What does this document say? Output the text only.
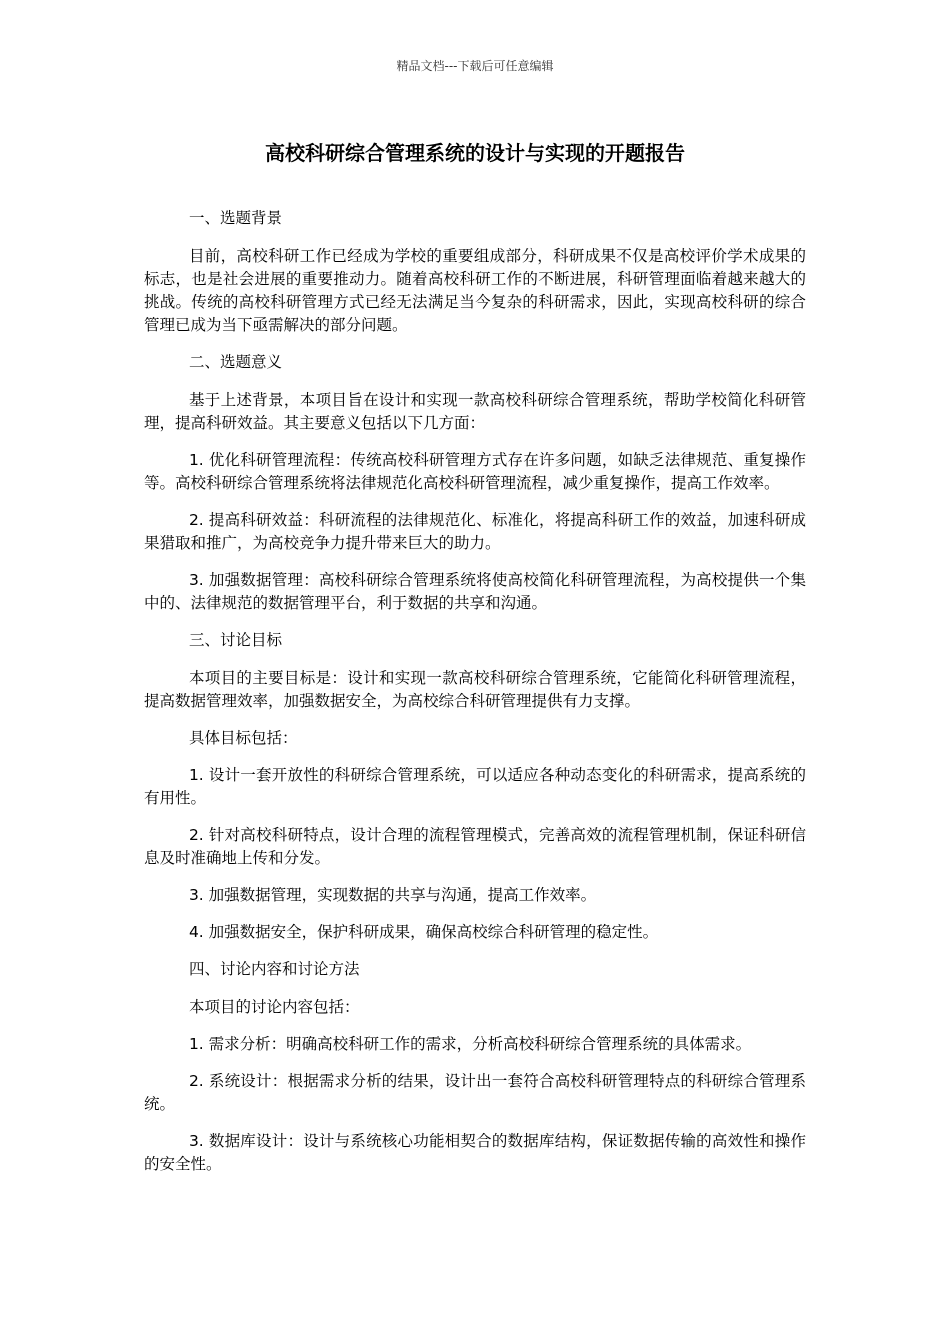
精品文档---下载后可任意编辑
高校科研综合管理系统的设计与实现的开题报告

一、选题背景

目前，高校科研工作已经成为学校的重要组成部分，科研成果不仅是高校评价学术成果的标志，也是社会进展的重要推动力。随着高校科研工作的不断进展，科研管理面临着越来越大的挑战。传统的高校科研管理方式已经无法满足当今复杂的科研需求，因此，实现高校科研的综合管理已成为当下亟需解决的部分问题。

二、选题意义

基于上述背景，本项目旨在设计和实现一款高校科研综合管理系统，帮助学校简化科研管理，提高科研效益。其主要意义包括以下几方面：

1. 优化科研管理流程：传统高校科研管理方式存在许多问题，如缺乏法律规范、重复操作等。高校科研综合管理系统将法律规范化高校科研管理流程，减少重复操作，提高工作效率。

2. 提高科研效益：科研流程的法律规范化、标准化，将提高科研工作的效益，加速科研成果猎取和推广，为高校竞争力提升带来巨大的助力。

3. 加强数据管理：高校科研综合管理系统将使高校简化科研管理流程，为高校提供一个集中的、法律规范的数据管理平台，利于数据的共享和沟通。

三、讨论目标

本项目的主要目标是：设计和实现一款高校科研综合管理系统，它能简化科研管理流程，提高数据管理效率，加强数据安全，为高校综合科研管理提供有力支撑。

具体目标包括：

1. 设计一套开放性的科研综合管理系统，可以适应各种动态变化的科研需求，提高系统的有用性。

2. 针对高校科研特点，设计合理的流程管理模式，完善高效的流程管理机制，保证科研信息及时准确地上传和分发。

3. 加强数据管理，实现数据的共享与沟通，提高工作效率。

4. 加强数据安全，保护科研成果，确保高校综合科研管理的稳定性。

四、讨论内容和讨论方法

本项目的讨论内容包括：

1. 需求分析：明确高校科研工作的需求，分析高校科研综合管理系统的具体需求。

2. 系统设计：根据需求分析的结果，设计出一套符合高校科研管理特点的科研综合管理系统。

3. 数据库设计：设计与系统核心功能相契合的数据库结构，保证数据传输的高效性和操作的安全性。
